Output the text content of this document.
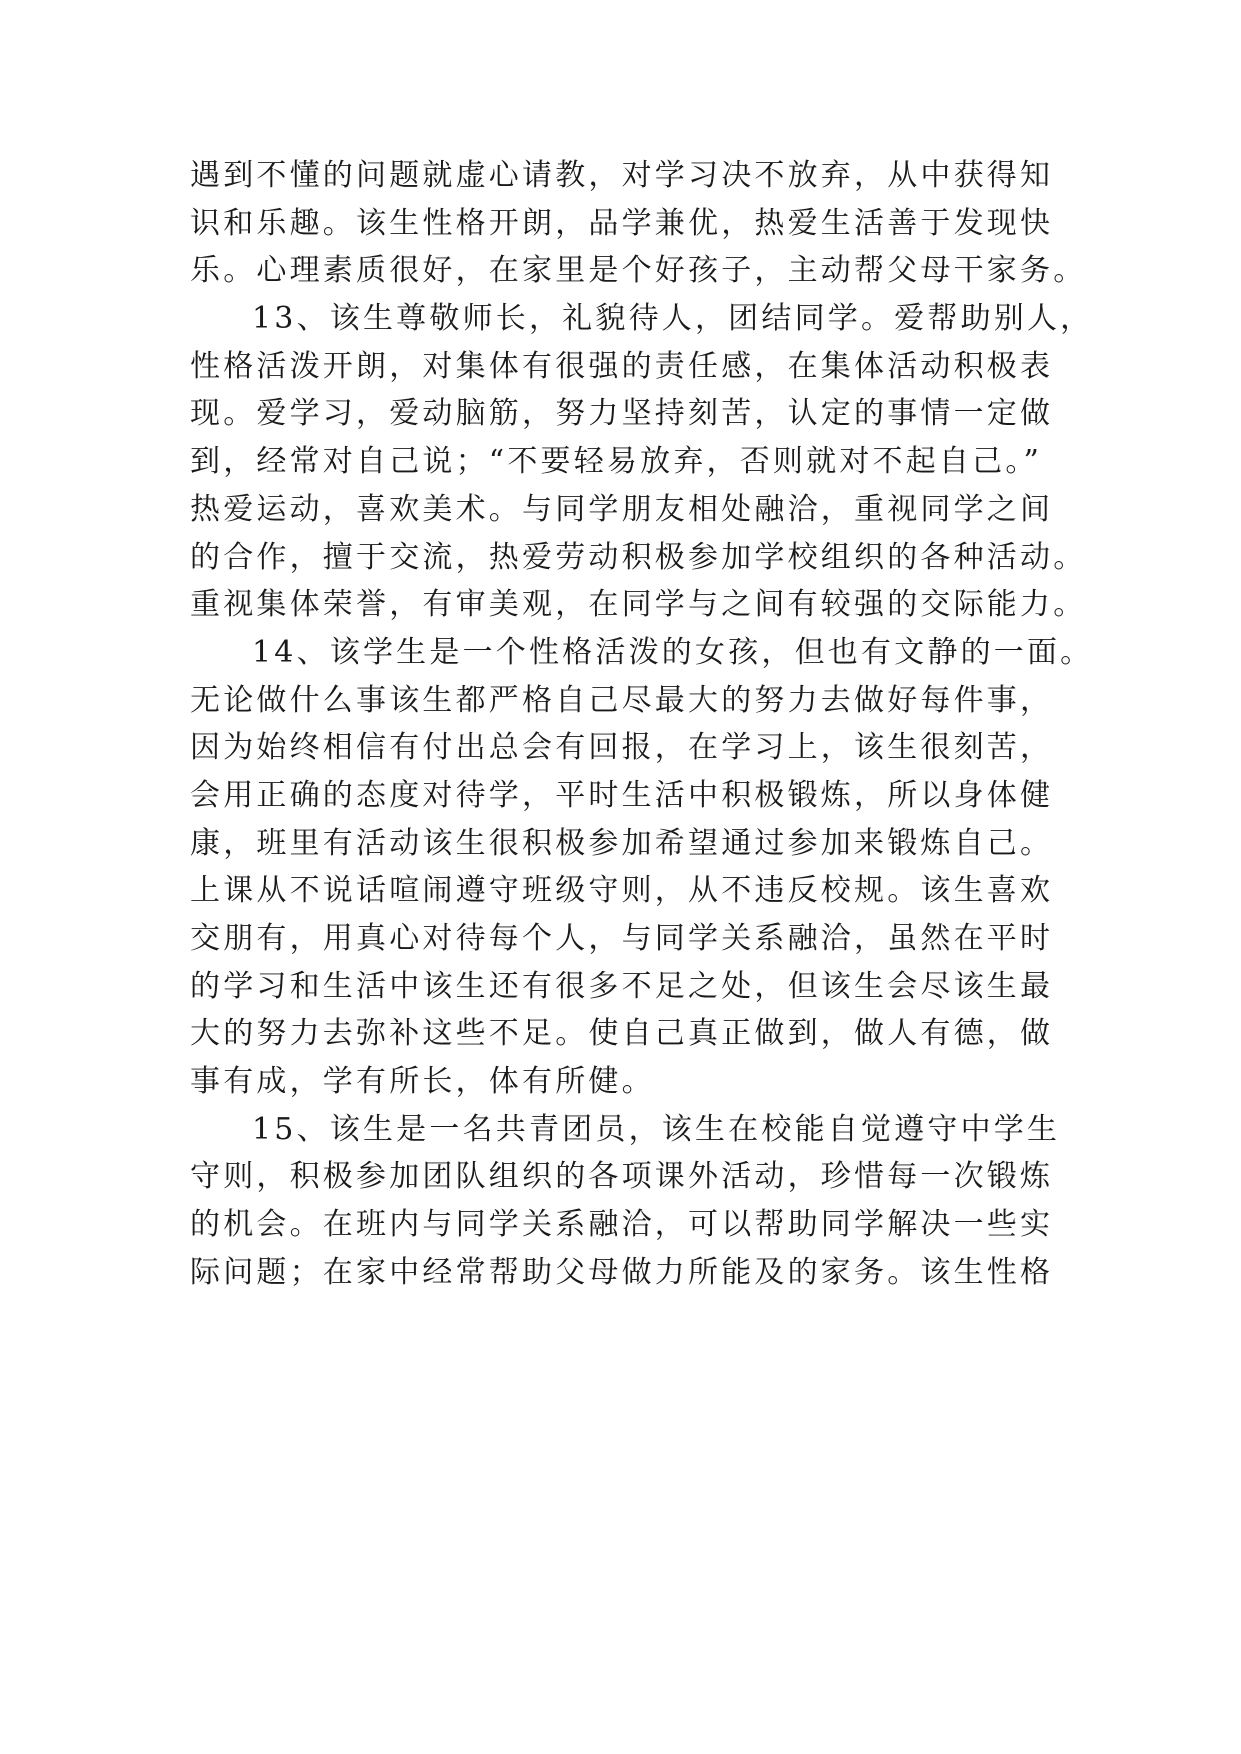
遇到不懂的问题就虚心请教，对学习决不放弃，从中获得知
识和乐趣。该生性格开朗，品学兼优，热爱生活善于发现快
乐。心理素质很好，在家里是个好孩子，主动帮父母干家务。
13、该生尊敬师长，礼貌待人，团结同学。爱帮助别人，
性格活泼开朗，对集体有很强的责任感，在集体活动积极表
现。爱学习，爱动脑筋，努力坚持刻苦，认定的事情一定做
到，经常对自己说；“不要轻易放弃，否则就对不起自己。”
热爱运动，喜欢美术。与同学朋友相处融洽，重视同学之间
的合作，擅于交流，热爱劳动积极参加学校组织的各种活动。
重视集体荣誉，有审美观，在同学与之间有较强的交际能力。
14、该学生是一个性格活泼的女孩，但也有文静的一面。
无论做什么事该生都严格自己尽最大的努力去做好每件事，
因为始终相信有付出总会有回报，在学习上，该生很刻苦，
会用正确的态度对待学，平时生活中积极锻炼，所以身体健
康，班里有活动该生很积极参加希望通过参加来锻炼自己。
上课从不说话喧闹遵守班级守则，从不违反校规。该生喜欢
交朋有，用真心对待每个人，与同学关系融洽，虽然在平时
的学习和生活中该生还有很多不足之处，但该生会尽该生最
大的努力去弥补这些不足。使自己真正做到，做人有德，做
事有成，学有所长，体有所健。
15、该生是一名共青团员，该生在校能自觉遵守中学生
守则，积极参加团队组织的各项课外活动，珍惜每一次锻炼
的机会。在班内与同学关系融洽，可以帮助同学解决一些实
际问题；在家中经常帮助父母做力所能及的家务。该生性格
